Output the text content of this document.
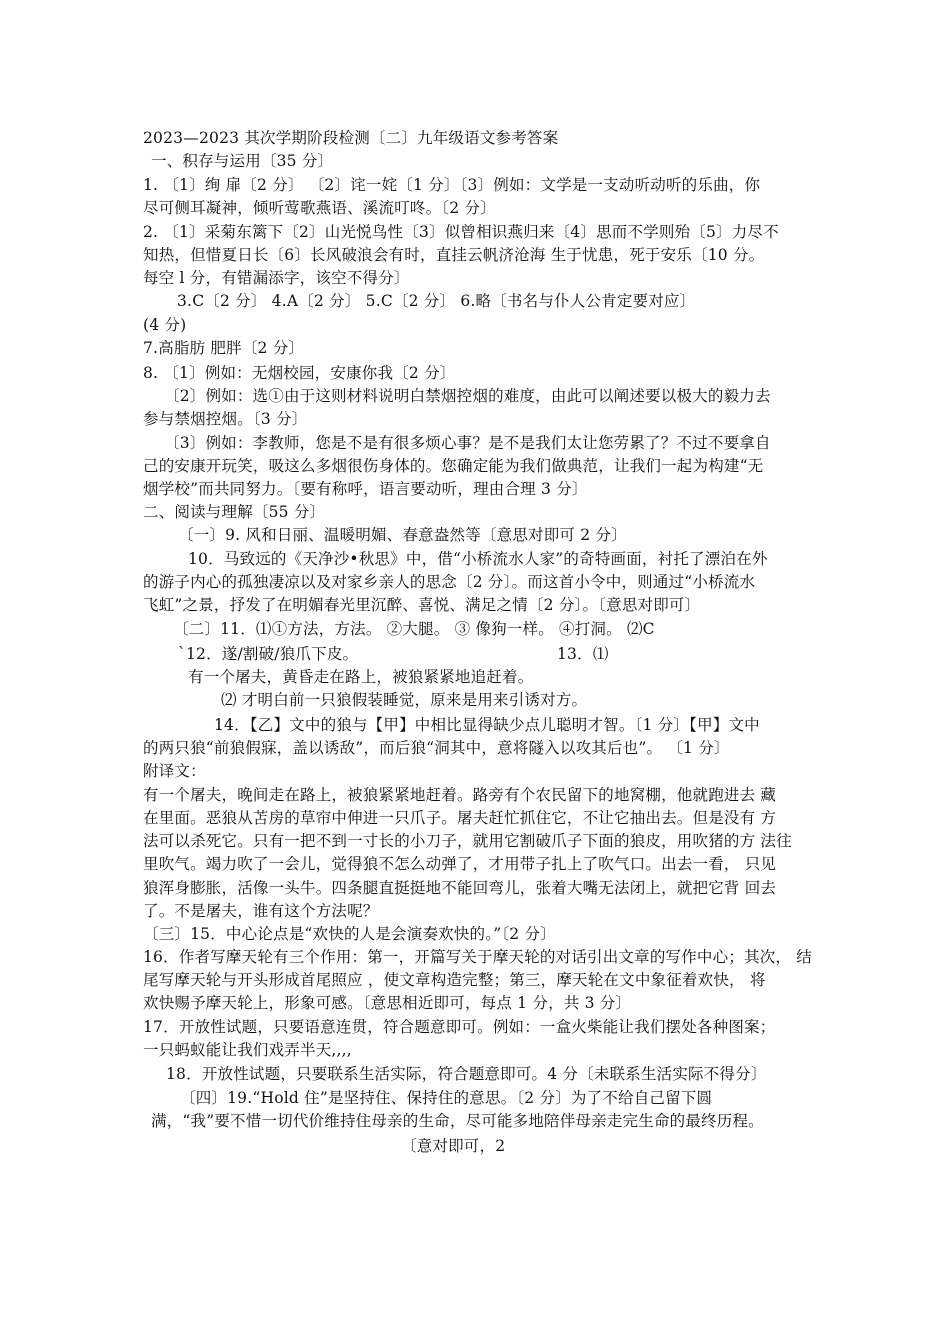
2023—2023 其次学期阶段检测〔二〕九年级语文参考答案
一、积存与运用〔35 分〕
1. 〔1〕绚 扉〔2 分〕 〔2〕诧一姹〔1 分〕〔3〕例如：文学是一支动听动听的乐曲，你
尽可侧耳凝神，倾听莺歌燕语、溪流叮咚。〔2 分〕
2. 〔1〕采菊东篱下〔2〕山光悦鸟性〔3〕似曾相识燕归来〔4〕思而不学则殆〔5〕力尽不
知热，但惜夏日长〔6〕长风破浪会有时，直挂云帆济沧海 生于忧患，死于安乐〔10 分。
每空 l 分，有错漏添字，该空不得分〕
3.C〔2 分〕 4.A〔2 分〕 5.C〔2 分〕 6.略〔书名与仆人公肯定要对应〕
(4 分)
7.高脂肪 肥胖〔2 分〕
8. 〔1〕例如：无烟校园，安康你我〔2 分〕
〔2〕例如：选①由于这则材料说明白禁烟控烟的难度，由此可以阐述要以极大的毅力去
参与禁烟控烟。〔3 分〕
〔3〕例如：李教师，您是不是有很多烦心事？是不是我们太让您劳累了？不过不要拿自
己的安康开玩笑，吸这么多烟很伤身体的。您确定能为我们做典范，让我们一起为构建“无
烟学校”而共同努力。〔要有称呼，语言要动听，理由合理 3 分〕
二、阅读与理解〔55 分〕
〔一〕9. 风和日丽、温暖明媚、春意盎然等〔意思对即可 2 分〕
10．马致远的《天净沙•秋思》中，借“小桥流水人家”的奇特画面，衬托了漂泊在外
的游子内心的孤独凄凉以及对家乡亲人的思念〔2 分〕。而这首小令中，则通过“小桥流水
飞虹”之景，抒发了在明媚春光里沉醉、喜悦、满足之情〔2 分〕。〔意思对即可〕
〔二〕11．⑴①方法，方法。 ②大腿。 ③ 像狗一样。 ④打洞。 ⑵C
`12．遂/割破/狼爪下皮。	13．⑴
有一个屠夫，黄昏走在路上，被狼紧紧地追赶着。
⑵ 才明白前一只狼假装睡觉，原来是用来引诱对方。
14．【乙】文中的狼与【甲】中相比显得缺少点儿聪明才智。〔1 分〕【甲】文中
的两只狼“前狼假寐，盖以诱敌”，而后狼“洞其中，意将隧入以攻其后也”。 〔1 分〕
附译文：
有一个屠夫，晚间走在路上，被狼紧紧地赶着。路旁有个农民留下的地窝棚，他就跑进去 藏
在里面。恶狼从苫房的草帘中伸进一只爪子。屠夫赶忙抓住它，不让它抽出去。但是没有 方
法可以杀死它。只有一把不到一寸长的小刀子，就用它割破爪子下面的狼皮，用吹猪的方 法往
里吹气。竭力吹了一会儿，觉得狼不怎么动弹了，才用带子扎上了吹气口。出去一看， 只见
狼浑身膨胀，活像一头牛。四条腿直挺挺地不能回弯儿，张着大嘴无法闭上，就把它背 回去
了。不是屠夫，谁有这个方法呢？
〔三〕15．中心论点是“欢快的人是会演奏欢快的。”〔2 分〕
16．作者写摩天轮有三个作用：第一，开篇写关于摩天轮的对话引出文章的写作中心；其次， 结
尾写摩天轮与开头形成首尾照应 ，使文章构造完整；第三，摩天轮在文中象征着欢快， 将
欢快赐予摩天轮上，形象可感。〔意思相近即可，每点 1 分，共 3 分〕
17．开放性试题，只要语意连贯，符合题意即可。例如：一盒火柴能让我们摆处各种图案；
一只蚂蚁能让我们戏弄半天,,,,
18．开放性试题，只要联系生活实际，符合题意即可。4 分〔未联系生活实际不得分〕
〔四〕19.“Hold 住”是坚持住、保持住的意思。〔2 分〕为了不给自己留下圆
满，“我”要不惜一切代价维持住母亲的生命，尽可能多地陪伴母亲走完生命的最终历程。
〔意对即可，2
